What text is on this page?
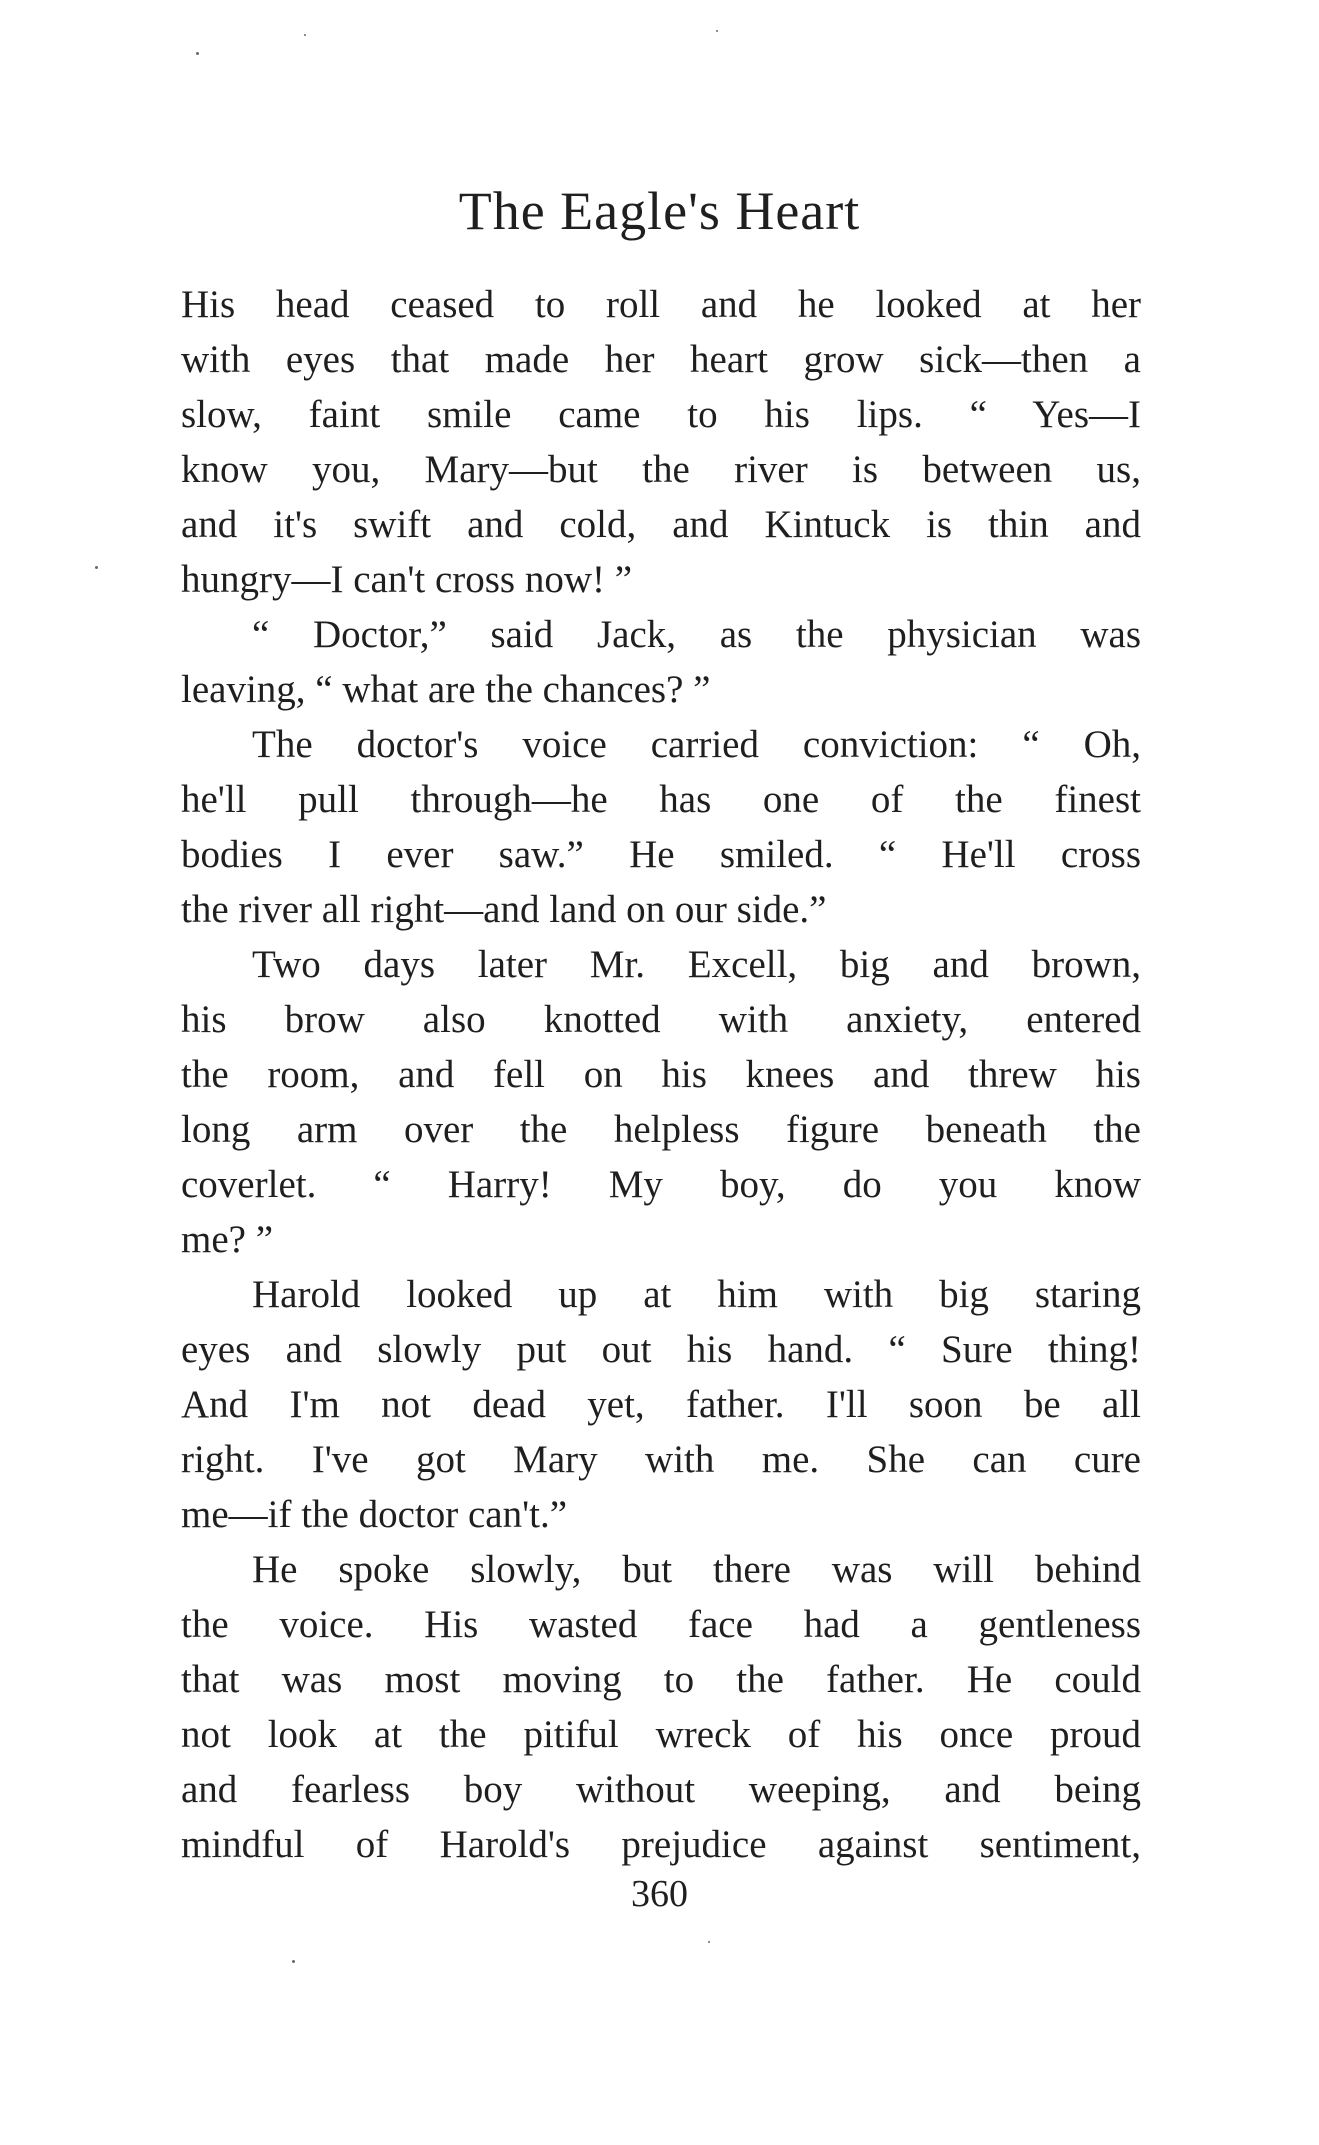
The Eagle's Heart
His head ceased to roll and he looked at her
with eyes that made her heart grow sick—then a
slow, faint smile came to his lips. “ Yes—I
know you, Mary—but the river is between us,
and it's swift and cold, and Kintuck is thin and
hungry—I can't cross now! ”
“ Doctor,” said Jack, as the physician was
leaving, “ what are the chances? ”
The doctor's voice carried conviction: “ Oh,
he'll pull through—he has one of the finest
bodies I ever saw.” He smiled. “ He'll cross
the river all right—and land on our side.”
Two days later Mr. Excell, big and brown,
his brow also knotted with anxiety, entered
the room, and fell on his knees and threw his
long arm over the helpless figure beneath the
coverlet. “ Harry! My boy, do you know
me? ”
Harold looked up at him with big staring
eyes and slowly put out his hand. “ Sure thing!
And I'm not dead yet, father. I'll soon be all
right. I've got Mary with me. She can cure
me—if the doctor can't.”
He spoke slowly, but there was will behind
the voice. His wasted face had a gentleness
that was most moving to the father. He could
not look at the pitiful wreck of his once proud
and fearless boy without weeping, and being
mindful of Harold's prejudice against sentiment,
360
